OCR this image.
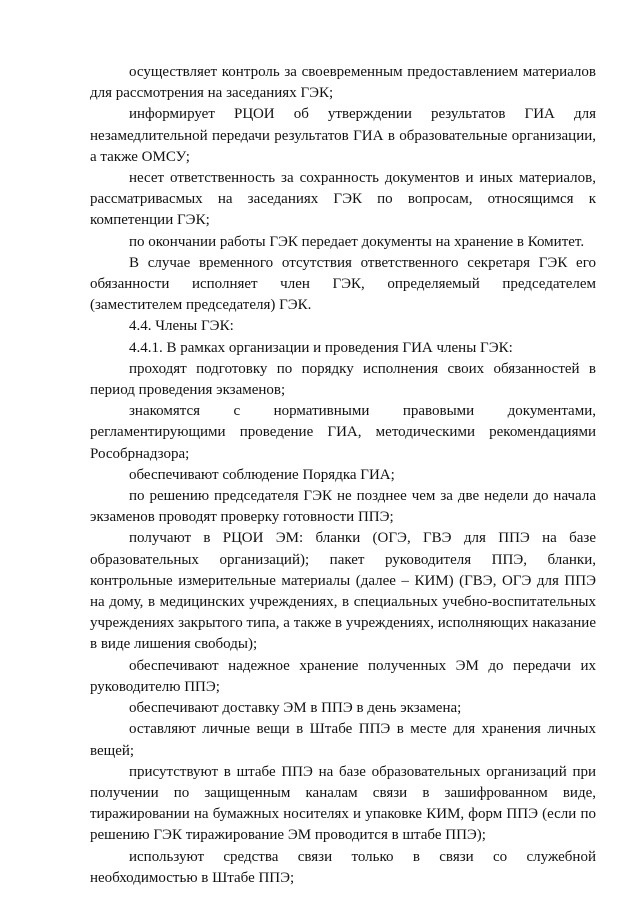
осуществляет контроль за своевременным предоставлением материалов для рассмотрения на заседаниях ГЭК;

информирует РЦОИ об утверждении результатов ГИА для незамедлительной передачи результатов ГИА в образовательные организации, а также ОМСУ;

несет ответственность за сохранность документов и иных материалов, рассматривасмых на заседаниях ГЭК по вопросам, относящимся к компетенции ГЭК;

по окончании работы ГЭК передает документы на хранение в Комитет.

В случае временного отсутствия ответственного секретаря ГЭК его обязанности исполняет член ГЭК, определяемый председателем (заместителем председателя) ГЭК.

4.4. Члены ГЭК:

4.4.1. В рамках организации и проведения ГИА члены ГЭК:

проходят подготовку по порядку исполнения своих обязанностей в период проведения экзаменов;

знакомятся с нормативными правовыми документами, регламентирующими проведение ГИА, методическими рекомендациями Рособрнадзора;

обеспечивают соблюдение Порядка ГИА;

по решению председателя ГЭК не позднее чем за две недели до начала экзаменов проводят проверку готовности ППЭ;

получают в РЦОИ ЭМ: бланки (ОГЭ, ГВЭ для ППЭ на базе образовательных организаций); пакет руководителя ППЭ, бланки, контрольные измерительные материалы (далее – КИМ) (ГВЭ, ОГЭ для ППЭ на дому, в медицинских учреждениях, в специальных учебно-воспитательных учреждениях закрытого типа, а также в учреждениях, исполняющих наказание в виде лишения свободы);

обеспечивают надежное хранение полученных ЭМ до передачи их руководителю ППЭ;

обеспечивают доставку ЭМ в ППЭ в день экзамена;

оставляют личные вещи в Штабе ППЭ в месте для хранения личных вещей;

присутствуют в штабе ППЭ на базе образовательных организаций при получении по защищенным каналам связи в зашифрованном виде, тиражировании на бумажных носителях и упаковке КИМ, форм ППЭ (если по решению ГЭК тиражирование ЭМ проводится в штабе ППЭ);

используют средства связи только в связи со служебной необходимостью в Штабе ППЭ;
